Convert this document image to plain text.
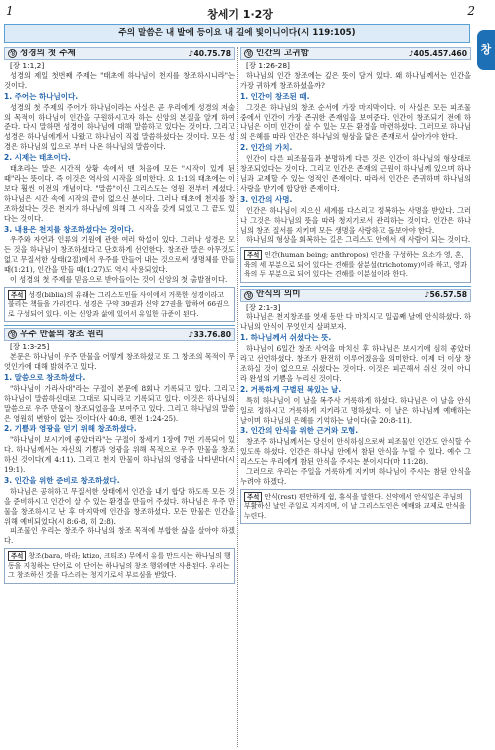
1	2
창세기 1·2장
주의 말씀은 내 발에 등이요 내 길에 빛이니이다(시 119:105)
창
성 성경의 첫 주제	♪40.75.78
[장 1:1,2]

성경의 제일 첫번째 주제는 "태초에 하나님이 천지를 창조하시니라"는 것이다.

1. 주어는 하나님이다.

성경의 첫 주제의 주어가 하나님이라는 사실은 곧 우리에게 성경의 저술의 목적이 하나님이 인간을 구원하시고자 하는 신앙의 본질을 알게 하여 준다. 다시 말하면 성경이 하나님에 대해 말씀하고 있다는 것이다. 그리고 성경은 하나님에게서 나왔고 하나님이 직접 말씀하셨다는 것이다. 모든 성경은 하나님의 입으로 부터 나온 하나님의 말씀이다.

2. 시제는 태초이다.

태초라는 말은 시간적 상황 속에서 맨 처음에 모든 "시작이 있게 된 때"라는 뜻이다. 즉 이것은 역사의 시작을 의미한다. 요 1:1의 태초에는 이보다 훨씬 이전의 개념이다. "말씀"이신 그리스도는 영원 전부터 계셨다. 하나님은 시간 속에 시작의 끝이 없으신 분이다. 그러나 태초에 천지를 창조하셨다는 것은 천지가 하나님에 의해 그 시작을 갖게 되었고 그 끝도 있다는 것이다.

3. 내용은 천지를 창조하셨다는 것이다.

우주와 자연과 인류의 기원에 관한 여러 학설이 있다. 그러나 성경은 모든 것을 하나님이 창조하셨다고 단호하게 선언한다. 창조란 말은 아무것도 없고 무질서한 상태(2절)에서 우주를 만들어 내는 것으로써 생명체를 만들 때(1:21), 인간을 만들 때(1:27)도 역시 사용되었다.

이 성경의 첫 주제를 믿음으로 받아들이는 것이 신앙의 첫 출발점이다.

주석 성경(biblia)의 유래는 그리스도인들 사이에서 거룩한 성경이라고 불리는 책들을 가리킨다. 성경은 구약 39권과 신약 27권을 합하여 66권으로 구성되어 있다. 이는 신앙과 삶에 있어서 유일한 규준이 된다.
성 우주 만물의 창조 원리	♪33.76.80
[장 1:3-25]

본문은 하나님이 우주 만물을 어떻게 창조하셨고 또 그 창조의 목적이 무엇인가에 대해 밝혀주고 있다.

1. 말씀으로 창조하셨다.

"하나님이 가라사대"라는 구절이 본문에 8회나 기록되고 있다. 그리고 하나님이 말씀하신대로 그대로 되니라고 기록되고 있다. 이것은 하나님의 말씀으로 우주 만물이 창조되었음을 보여주고 있다. 그리고 하나님의 말씀은 영원히 변함이 없는 것이다(사 40:8, 벧전 1:24-25).

2. 기쁨과 영광을 얻기 위해 창조하셨다.

"하나님이 보시기에 좋았더라"는 구절이 창세기 1장에 7번 기록되어 있다. 하나님께서는 자신의 기쁨과 영광을 위해 목적으로 우주 만물을 창조하신 것이다(계 4:11). 그리고 천지 만물이 하나님의 영광을 나타낸다(시 19:1).

3. 인간을 위한 준비로 창조하셨다.

하나님은 공허하고 무질서한 상태에서 인간을 내기 합당 하도록 모든 것을 준비하시고 인간이 살 수 있는 환경을 만들어 주셨다. 하나님은 우주 만물을 창조하시고 난 후 마지막에 인간을 창조하셨다. 모든 만물은 인간을 위해 예비되었다(시 8:6-8, 히 2:8).

피조물인 우리는 창조주 하나님의 창조 목적에 부합한 삶을 살아야 하겠다.

주석 창조(bara, 바라; ktizo, 크티조) 무에서 유를 만드시는 하나님의 행동을 지칭하는 단어로 이 단어는 하나님의 창조 행위에만 사용된다. 우리는 그 창조하신 것을 다스리는 청지기로서 부르심을 받았다.
성 인간의 고귀함	♪405.457.460
[장 1:26-28]

하나님의 인간 창조에는 깊은 뜻이 담겨 있다. 왜 하나님께서는 인간을 가장 귀하게 창조하셨을까?

1. 인간이 창조된 때.

그것은 하나님의 창조 순서에 가장 마지막이다. 이 사실은 모든 피조물 중에서 인간이 가장 존귀한 존재임을 보여준다. 인간이 창조되기 전에 하나님은 이미 인간이 살 수 있는 모든 환경을 마련하셨다. 그러므로 하나님의 은혜를 따라 인간은 하나님의 형상을 닮은 존재로서 살아가야 한다.

2. 인간의 가치.

인간이 다른 피조물들과 분명하게 다른 것은 인간이 하나님의 형상대로 창조되었다는 것이다. 그리고 인간은 존재의 근원이 하나님께 있으며 하나님과 교제할 수 있는 영적인 존재이다. 따라서 인간은 존귀하며 하나님의 사랑을 받기에 합당한 존재이다.

3. 인간의 사명.

인간은 하나님이 지으신 세계를 다스리고 정복하는 사명을 받았다. 그러나 그것은 하나님의 뜻을 따라 청지기로서 관리하는 것이다. 인간은 하나님의 창조 질서를 지키며 모든 생명을 사랑하고 돌보아야 한다.

하나님의 형상을 회복하는 길은 그리스도 안에서 새 사람이 되는 것이다.

주석 인간(human being; anthropos) 인간을 구성하는 요소가 영, 혼, 육의 세 부분으로 되어 있다는 견해를 삼분설(trichotomy)이라 하고, 영과 육의 두 부분으로 되어 있다는 견해를 이분설이라 한다.
성 안식의 의미	♪56.57.58
[장 2:1-3]

하나님은 천지창조를 엿새 동안 다 마치시고 일곱째 날에 안식하셨다. 하나님의 안식이 무엇인지 살펴보자.

1. 하나님께서 쉬셨다는 뜻.

하나님이 6일간 창조 사역을 마치신 후 하나님은 보시기에 심히 좋았더라고 선언하셨다. 창조가 완전히 이루어졌음을 의미한다. 이제 더 이상 창조하실 것이 없으므로 쉬셨다는 것이다. 이것은 피곤해서 쉬신 것이 아니라 완성의 기쁨을 누리신 것이다.

2. 거룩하게 구별된 복있는 날.

특히 하나님이 이 날을 복주사 거룩하게 하셨다. 하나님은 이 날을 안식일로 정하시고 거룩하게 지키라고 명하셨다. 이 날은 하나님께 예배하는 날이며 하나님의 은혜를 기억하는 날이다(출 20:8-11).

3. 인간의 안식을 위한 근거와 모형.

창조주 하나님께서는 당신이 안식하심으로써 피조물인 인간도 안식할 수 있도록 하셨다. 인간은 하나님 안에서 참된 안식을 누릴 수 있다. 예수 그리스도는 우리에게 참된 안식을 주시는 분이시다(마 11:28).

그러므로 우리는 주일을 거룩하게 지키며 하나님이 주시는 참된 안식을 누려야 하겠다.

주석 안식(rest) 편안하게 쉼, 휴식을 말한다. 신약에서 안식일은 주님의 부활하신 날인 주일로 지켜지며, 이 날 그리스도인은 예배와 교제로 안식을 누린다.
